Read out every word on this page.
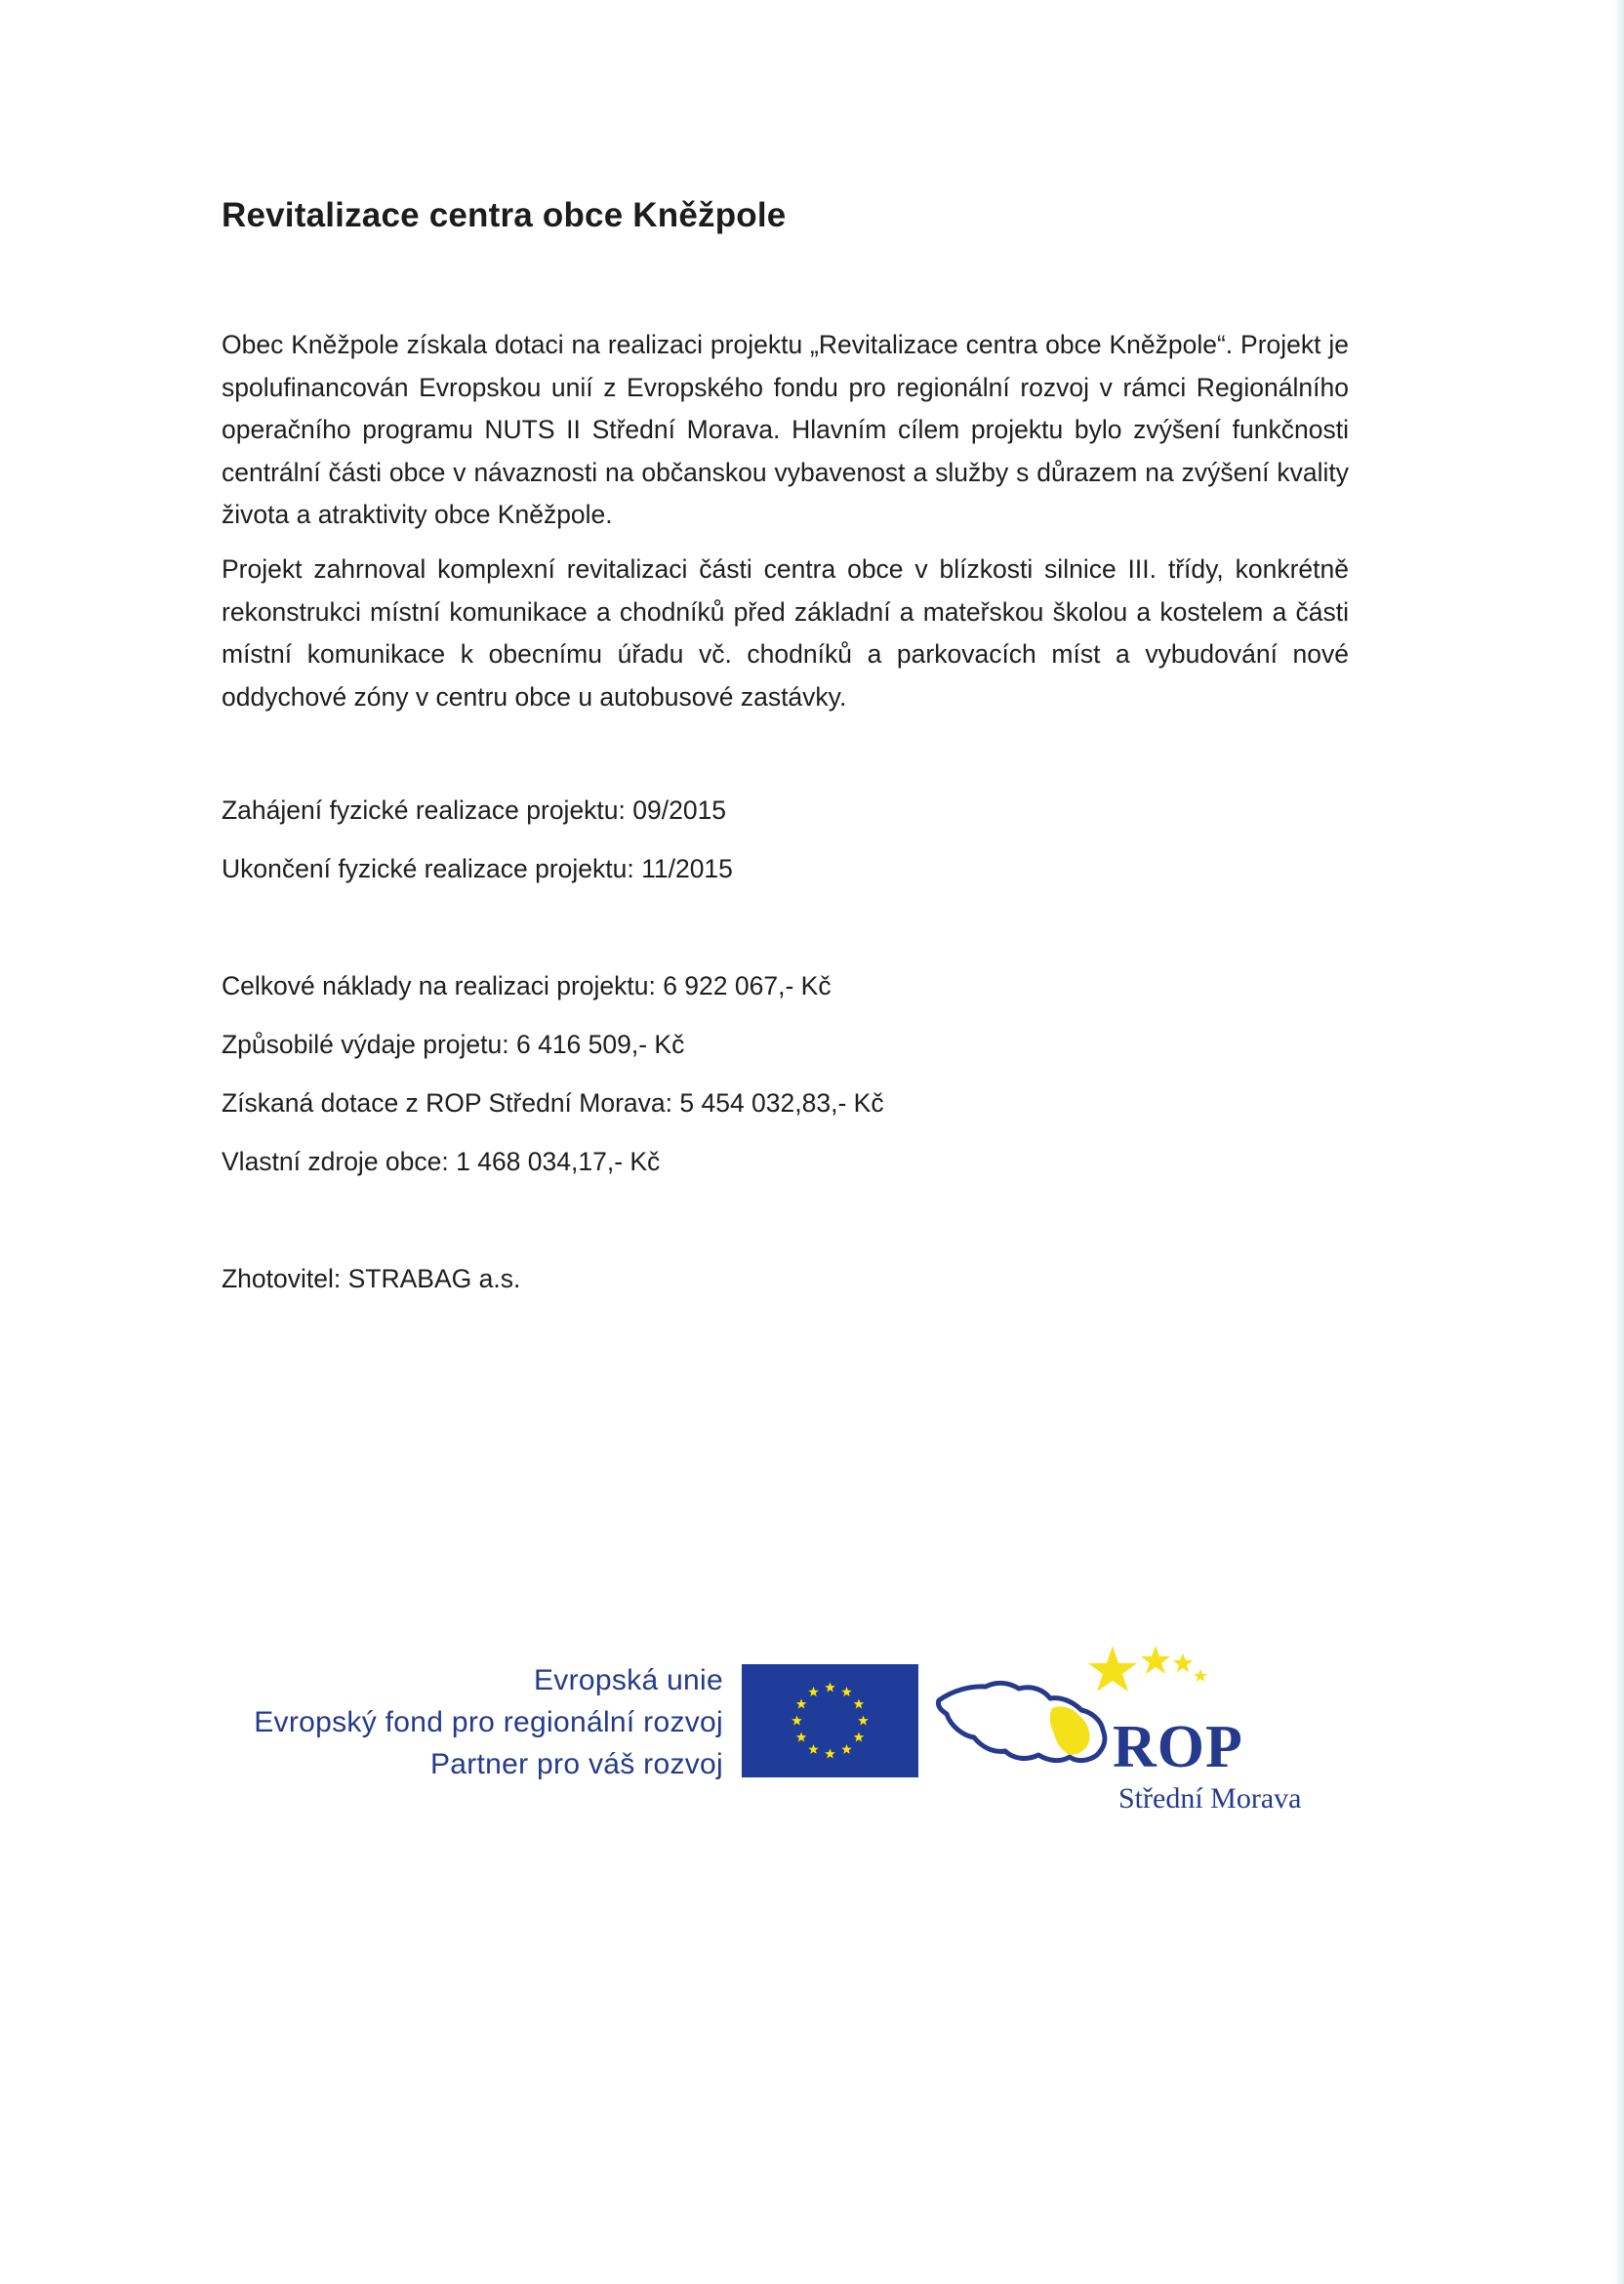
Revitalizace centra obce Kněžpole

Obec Kněžpole získala dotaci na realizaci projektu „Revitalizace centra obce Kněžpole“. Projekt je spolufinancován Evropskou unií z Evropského fondu pro regionální rozvoj v rámci Regionálního operačního programu NUTS II Střední Morava. Hlavním cílem projektu bylo zvýšení funkčnosti centrální části obce v návaznosti na občanskou vybavenost a služby s důrazem na zvýšení kvality života a atraktivity obce Kněžpole.

Projekt zahrnoval komplexní revitalizaci části centra obce v blízkosti silnice III. třídy, konkrétně rekonstrukci místní komunikace a chodníků před základní a mateřskou školou a kostelem a části místní komunikace k obecnímu úřadu vč. chodníků a parkovacích míst a vybudování nové oddychové zóny v centru obce u autobusové zastávky.

Zahájení fyzické realizace projektu: 09/2015
Ukončení fyzické realizace projektu: 11/2015
Celkové náklady na realizaci projektu: 6 922 067,- Kč
Způsobilé výdaje projetu: 6 416 509,- Kč
Získaná dotace z ROP Střední Morava: 5 454 032,83,- Kč
Vlastní zdroje obce: 1 468 034,17,- Kč
Zhotovitel: STRABAG a.s.
Evropská unie
Evropský fond pro regionální rozvoj
Partner pro váš rozvoj	ROP
Střední Morava
